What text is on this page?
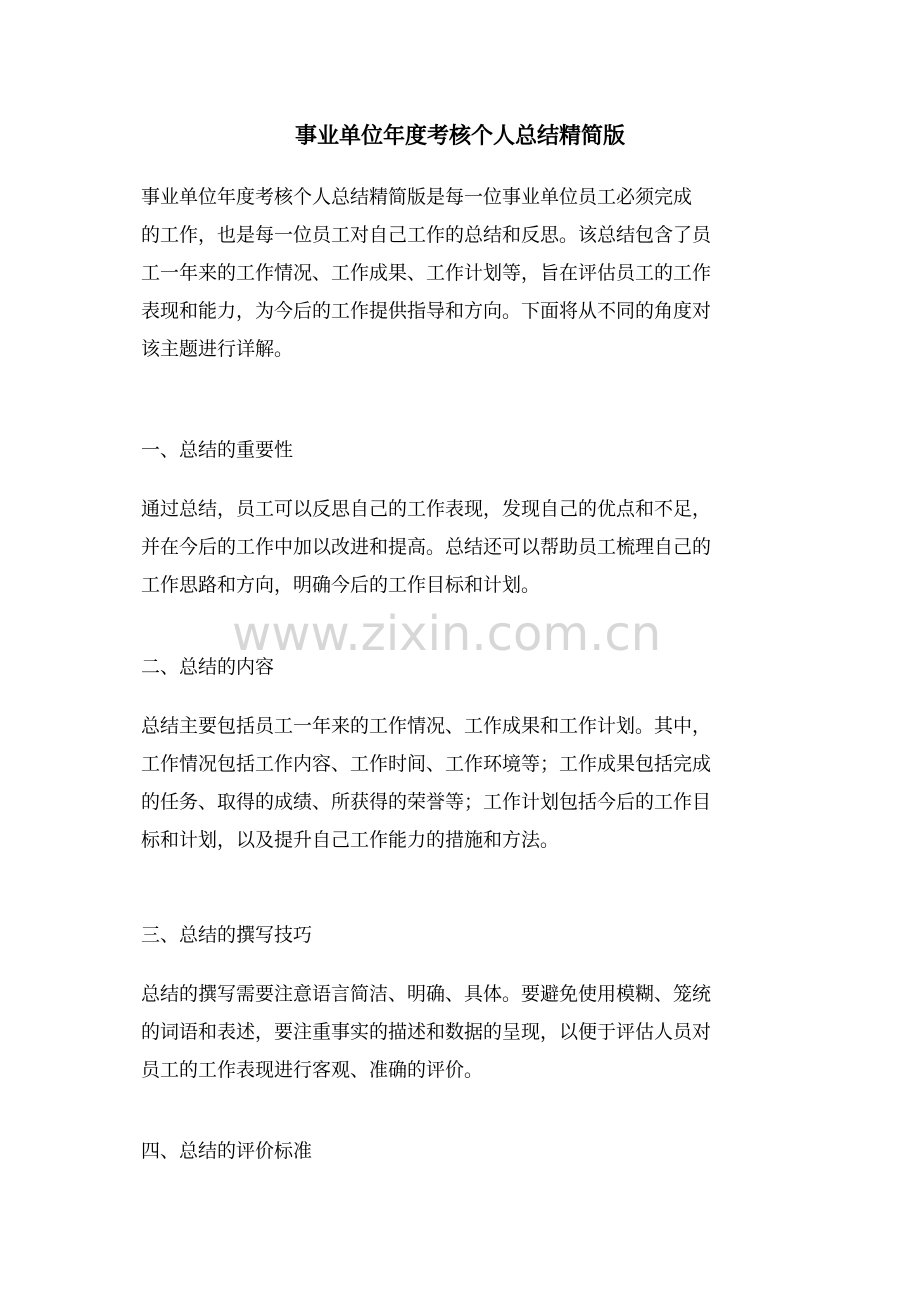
事业单位年度考核个人总结精简版
事业单位年度考核个人总结精简版是每一位事业单位员工必须完成
的工作，也是每一位员工对自己工作的总结和反思。该总结包含了员
工一年来的工作情况、工作成果、工作计划等，旨在评估员工的工作
表现和能力，为今后的工作提供指导和方向。下面将从不同的角度对
该主题进行详解。
一、总结的重要性
通过总结，员工可以反思自己的工作表现，发现自己的优点和不足，
并在今后的工作中加以改进和提高。总结还可以帮助员工梳理自己的
工作思路和方向，明确今后的工作目标和计划。
二、总结的内容
总结主要包括员工一年来的工作情况、工作成果和工作计划。其中，
工作情况包括工作内容、工作时间、工作环境等；工作成果包括完成
的任务、取得的成绩、所获得的荣誉等；工作计划包括今后的工作目
标和计划，以及提升自己工作能力的措施和方法。
三、总结的撰写技巧
总结的撰写需要注意语言简洁、明确、具体。要避免使用模糊、笼统
的词语和表述，要注重事实的描述和数据的呈现，以便于评估人员对
员工的工作表现进行客观、准确的评价。
四、总结的评价标准
www.zixin.com.cn
